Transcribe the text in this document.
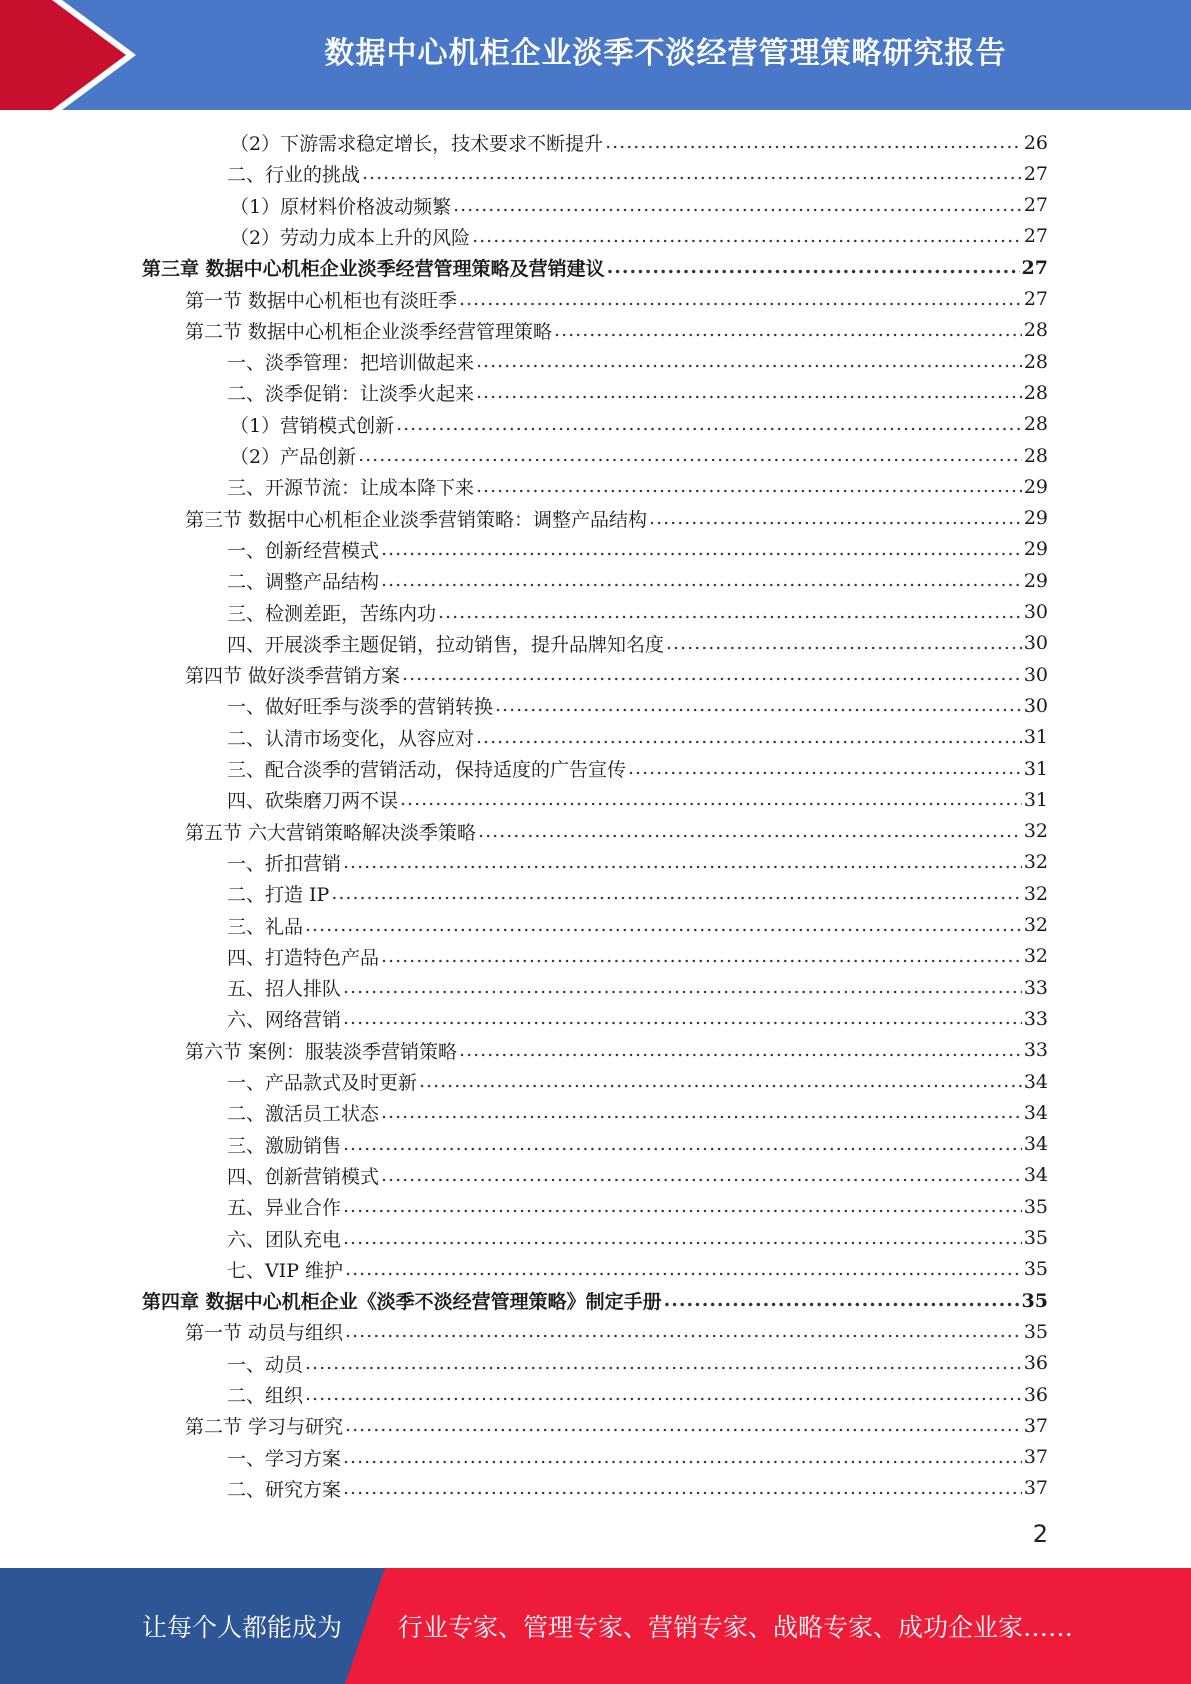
数据中心机柜企业淡季不淡经营管理策略研究报告
（2）下游需求稳定增长，技术要求不断提升 .....	26
二、行业的挑战 .....	27
（1）原材料价格波动频繁 .....	27
（2）劳动力成本上升的风险 .....	27
第三章 数据中心机柜企业淡季经营管理策略及营销建议 .....	27
第一节 数据中心机柜也有淡旺季 .....	27
第二节 数据中心机柜企业淡季经营管理策略 .....	28
一、淡季管理：把培训做起来 .....	28
二、淡季促销：让淡季火起来 .....	28
（1）营销模式创新 .....	28
（2）产品创新 .....	28
三、开源节流：让成本降下来 .....	29
第三节 数据中心机柜企业淡季营销策略：调整产品结构 .....	29
一、创新经营模式 .....	29
二、调整产品结构 .....	29
三、检测差距，苦练内功 .....	30
四、开展淡季主题促销，拉动销售，提升品牌知名度 .....	30
第四节 做好淡季营销方案 .....	30
一、做好旺季与淡季的营销转换 .....	30
二、认清市场变化，从容应对 .....	31
三、配合淡季的营销活动，保持适度的广告宣传 .....	31
四、砍柴磨刀两不误 .....	31
第五节 六大营销策略解决淡季策略 .....	32
一、折扣营销 .....	32
二、打造 IP .....	32
三、礼品 .....	32
四、打造特色产品 .....	32
五、招人排队 .....	33
六、网络营销 .....	33
第六节 案例：服装淡季营销策略 .....	33
一、产品款式及时更新 .....	34
二、激活员工状态 .....	34
三、激励销售 .....	34
四、创新营销模式 .....	34
五、异业合作 .....	35
六、团队充电 .....	35
七、VIP 维护 .....	35
第四章 数据中心机柜企业《淡季不淡经营管理策略》制定手册 .....	35
第一节 动员与组织 .....	35
一、动员 .....	36
二、组织 .....	36
第二节 学习与研究 .....	37
一、学习方案 .....	37
二、研究方案 .....	37
2
让每个人都能成为 行业专家、管理专家、营销专家、战略专家、成功企业家……
